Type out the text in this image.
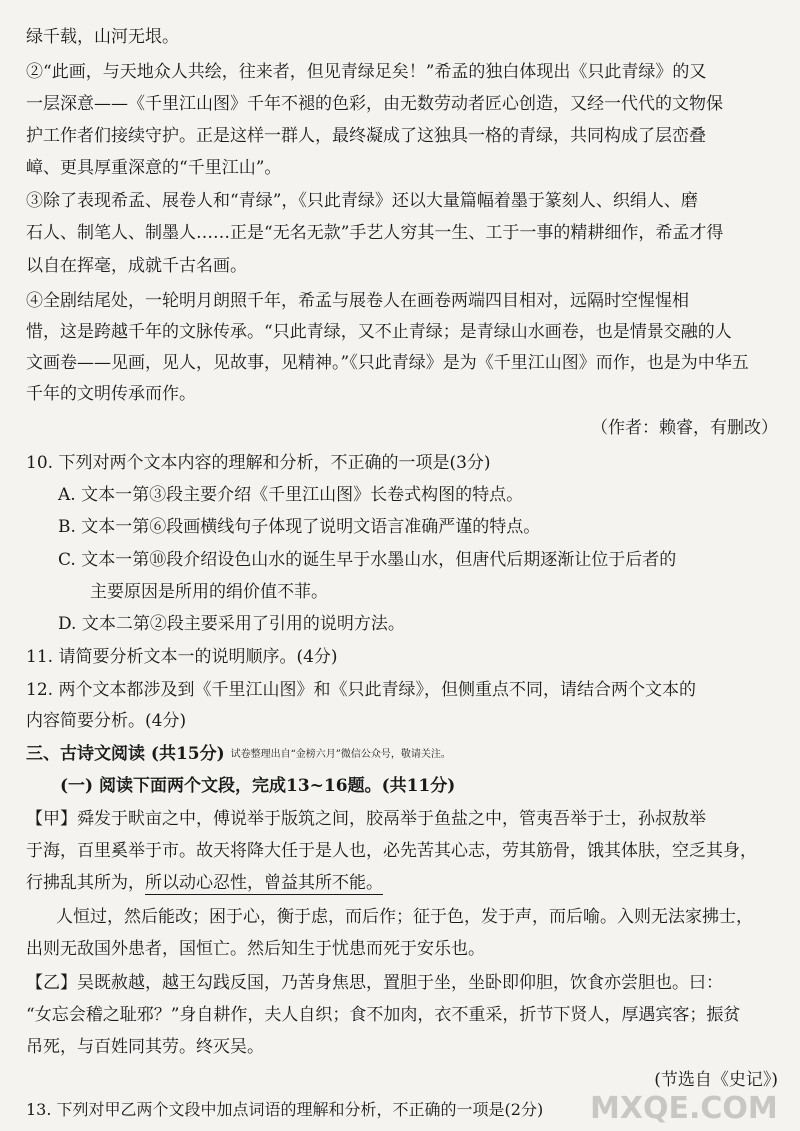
绿千载，山河无垠。
②“此画，与天地众人共绘，往来者，但见青绿足矣！”希孟的独白体现出《只此青绿》的又
一层深意——《千里江山图》千年不褪的色彩，由无数劳动者匠心创造，又经一代代的文物保
护工作者们接续守护。正是这样一群人，最终凝成了这独具一格的青绿，共同构成了层峦叠
嶂、更具厚重深意的“千里江山”。
③除了表现希孟、展卷人和“青绿”，《只此青绿》还以大量篇幅着墨于篆刻人、织绢人、磨
石人、制笔人、制墨人……正是“无名无款”手艺人穷其一生、工于一事的精耕细作，希孟才得
以自在挥毫，成就千古名画。
④全剧结尾处，一轮明月朗照千年，希孟与展卷人在画卷两端四目相对，远隔时空惺惺相
惜，这是跨越千年的文脉传承。“只此青绿，又不止青绿；是青绿山水画卷，也是情景交融的人
文画卷——见画，见人，见故事，见精神。”《只此青绿》是为《千里江山图》而作，也是为中华五
千年的文明传承而作。
（作者：赖睿，有删改）
10. 下列对两个文本内容的理解和分析，不正确的一项是(3分)
A. 文本一第③段主要介绍《千里江山图》长卷式构图的特点。
B. 文本一第⑥段画横线句子体现了说明文语言准确严谨的特点。
C. 文本一第⑩段介绍设色山水的诞生早于水墨山水，但唐代后期逐渐让位于后者的
主要原因是所用的绢价值不菲。
D. 文本二第②段主要采用了引用的说明方法。
11. 请简要分析文本一的说明顺序。(4分)
12. 两个文本都涉及到《千里江山图》和《只此青绿》，但侧重点不同，请结合两个文本的
内容简要分析。(4分)
三、古诗文阅读 (共15分) 试卷整理出自“金榜六月”微信公众号，敬请关注。
(一) 阅读下面两个文段，完成13~16题。(共11分)
【甲】舜发于畎亩之中，傅说举于版筑之间，胶鬲举于鱼盐之中，管夷吾举于士，孙叔敖举
于海，百里奚举于市。故天将降大任于是人也，必先苦其心志，劳其筋骨，饿其体肤，空乏其身，
行拂乱其所为，所以动心忍性，曾益其所不能。
人恒过，然后能改；困于心，衡于虑，而后作；征于色，发于声，而后喻。入则无法家拂士，
出则无敌国外患者，国恒亡。然后知生于忧患而死于安乐也。
【乙】吴既赦越，越王勾践反国，乃苦身焦思，置胆于坐，坐卧即仰胆，饮食亦尝胆也。曰：
“女忘会稽之耻邪？”身自耕作，夫人自织；食不加肉，衣不重采，折节下贤人，厚遇宾客；振贫
吊死，与百姓同其劳。终灭吴。
(节选自《史记》)
13. 下列对甲乙两个文段中加点词语的理解和分析，不正确的一项是(2分)	MXQE.COM
